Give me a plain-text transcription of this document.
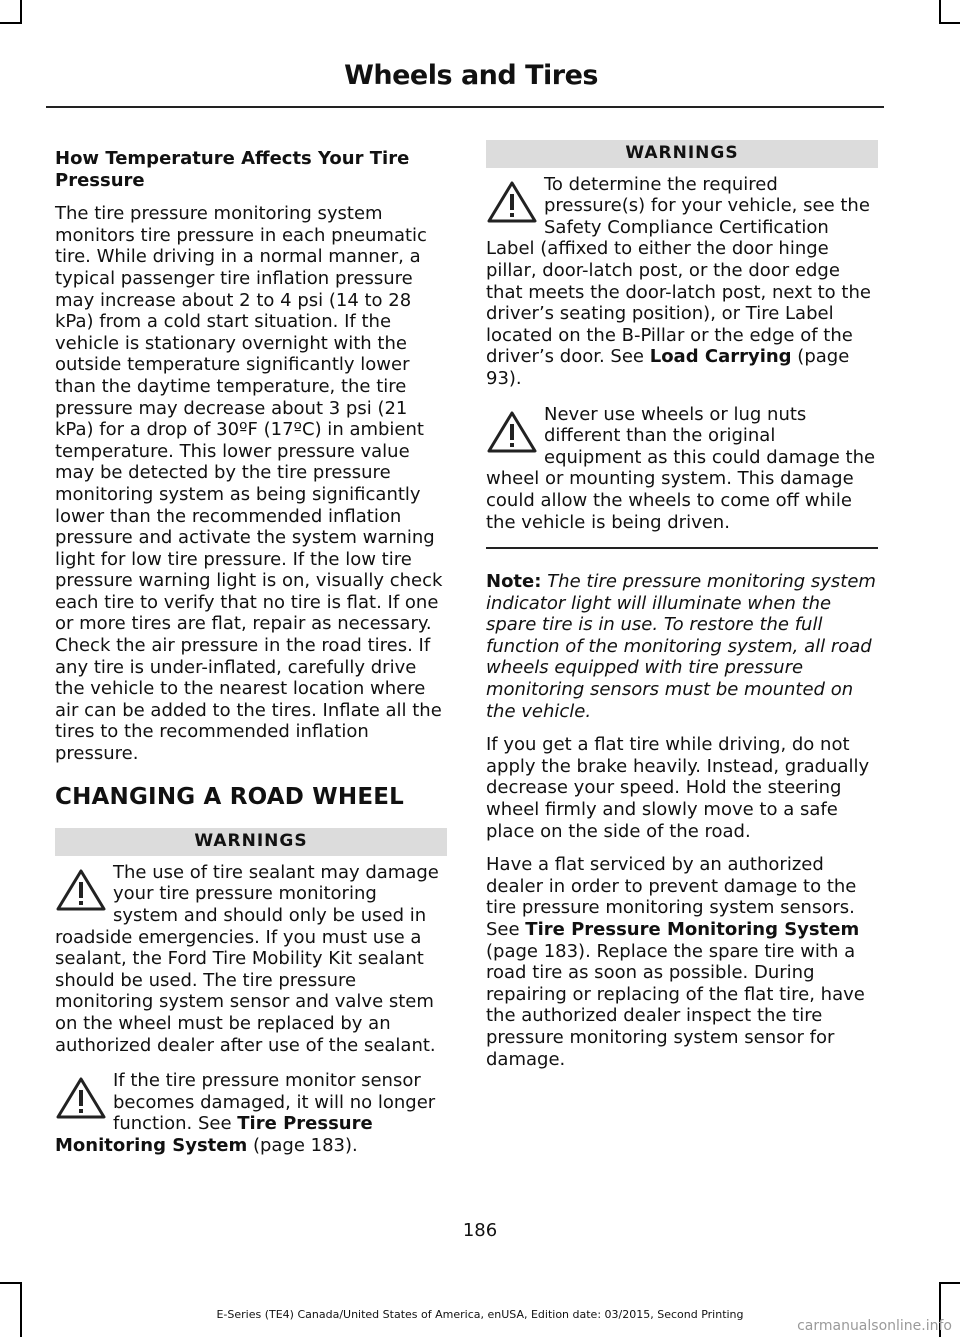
Wheels and Tires
How Temperature Affects Your Tire Pressure

The tire pressure monitoring system monitors tire pressure in each pneumatic tire. While driving in a normal manner, a typical passenger tire inflation pressure may increase about 2 to 4 psi (14 to 28 kPa) from a cold start situation. If the vehicle is stationary overnight with the outside temperature significantly lower than the daytime temperature, the tire pressure may decrease about 3 psi (21 kPa) for a drop of 30ºF (17ºC) in ambient temperature. This lower pressure value may be detected by the tire pressure monitoring system as being significantly lower than the recommended inflation pressure and activate the system warning light for low tire pressure. If the low tire pressure warning light is on, visually check each tire to verify that no tire is flat. If one or more tires are flat, repair as necessary. Check the air pressure in the road tires. If any tire is under-inflated, carefully drive the vehicle to the nearest location where air can be added to the tires. Inflate all the tires to the recommended inflation pressure.

CHANGING A ROAD WHEEL
WARNINGS
The use of tire sealant may damage your tire pressure monitoring system and should only be used in roadside emergencies. If you must use a sealant, the Ford Tire Mobility Kit sealant should be used. The tire pressure monitoring system sensor and valve stem on the wheel must be replaced by an authorized dealer after use of the sealant.
If the tire pressure monitor sensor becomes damaged, it will no longer function. See Tire Pressure Monitoring System (page 183).
WARNINGS
To determine the required pressure(s) for your vehicle, see the Safety Compliance Certification Label (affixed to either the door hinge pillar, door-latch post, or the door edge that meets the door-latch post, next to the driver’s seating position), or Tire Label located on the B-Pillar or the edge of the driver’s door. See Load Carrying (page 93).
Never use wheels or lug nuts different than the original equipment as this could damage the wheel or mounting system. This damage could allow the wheels to come off while the vehicle is being driven.

Note: The tire pressure monitoring system indicator light will illuminate when the spare tire is in use. To restore the full function of the monitoring system, all road wheels equipped with tire pressure monitoring sensors must be mounted on the vehicle.

If you get a flat tire while driving, do not apply the brake heavily. Instead, gradually decrease your speed. Hold the steering wheel firmly and slowly move to a safe place on the side of the road.

Have a flat serviced by an authorized dealer in order to prevent damage to the tire pressure monitoring system sensors. See Tire Pressure Monitoring System (page 183). Replace the spare tire with a road tire as soon as possible. During repairing or replacing of the flat tire, have the authorized dealer inspect the tire pressure monitoring system sensor for damage.

186
E-Series (TE4) Canada/United States of America, enUSA, Edition date: 03/2015, Second Printing
carmanualsonline.info
